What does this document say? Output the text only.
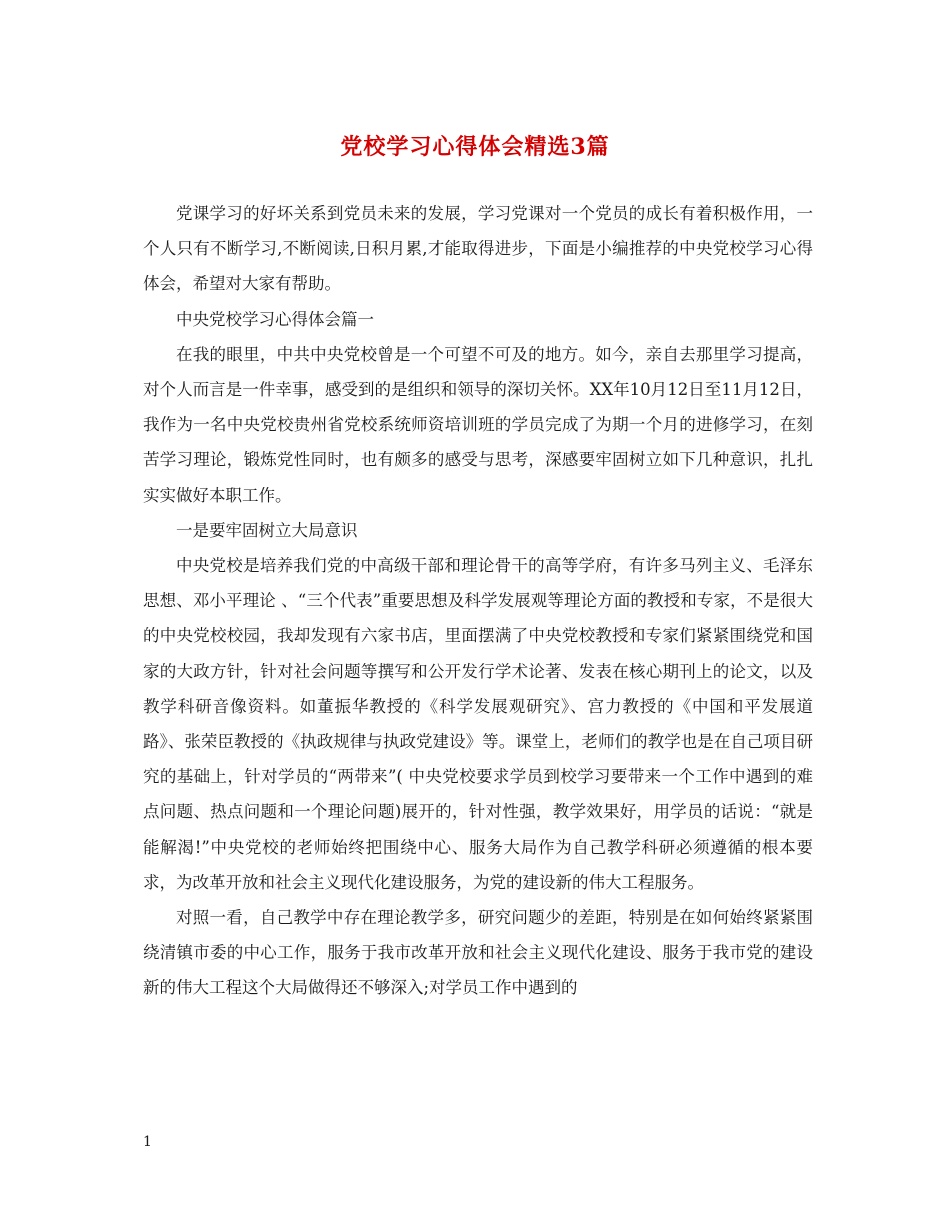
党校学习心得体会精选3篇

党课学习的好坏关系到党员未来的发展，学习党课对一个党员的成长有着积极作用，一个人只有不断学习,不断阅读,日积月累,才能取得进步，下面是小编推荐的中央党校学习心得体会，希望对大家有帮助。

中央党校学习心得体会篇一

在我的眼里，中共中央党校曾是一个可望不可及的地方。如今，亲自去那里学习提高，对个人而言是一件幸事，感受到的是组织和领导的深切关怀。XX年10月12日至11月12日，我作为一名中央党校贵州省党校系统师资培训班的学员完成了为期一个月的进修学习，在刻苦学习理论，锻炼党性同时，也有颇多的感受与思考，深感要牢固树立如下几种意识，扎扎实实做好本职工作。

一是要牢固树立大局意识

中央党校是培养我们党的中高级干部和理论骨干的高等学府，有许多马列主义、毛泽东思想、邓小平理论 、“三个代表”重要思想及科学发展观等理论方面的教授和专家，不是很大的中央党校校园，我却发现有六家书店，里面摆满了中央党校教授和专家们紧紧围绕党和国家的大政方针，针对社会问题等撰写和公开发行学术论著、发表在核心期刊上的论文，以及教学科研音像资料。如董振华教授的《科学发展观研究》、宫力教授的《中国和平发展道路》、张荣臣教授的《执政规律与执政党建设》等。课堂上，老师们的教学也是在自己项目研究的基础上，针对学员的“两带来”( 中央党校要求学员到校学习要带来一个工作中遇到的难点问题、热点问题和一个理论问题)展开的，针对性强，教学效果好，用学员的话说：“就是能解渴!”中央党校的老师始终把围绕中心、服务大局作为自己教学科研必须遵循的根本要求，为改革开放和社会主义现代化建设服务，为党的建设新的伟大工程服务。

对照一看，自己教学中存在理论教学多，研究问题少的差距，特别是在如何始终紧紧围绕清镇市委的中心工作，服务于我市改革开放和社会主义现代化建设、服务于我市党的建设新的伟大工程这个大局做得还不够深入;对学员工作中遇到的

1
